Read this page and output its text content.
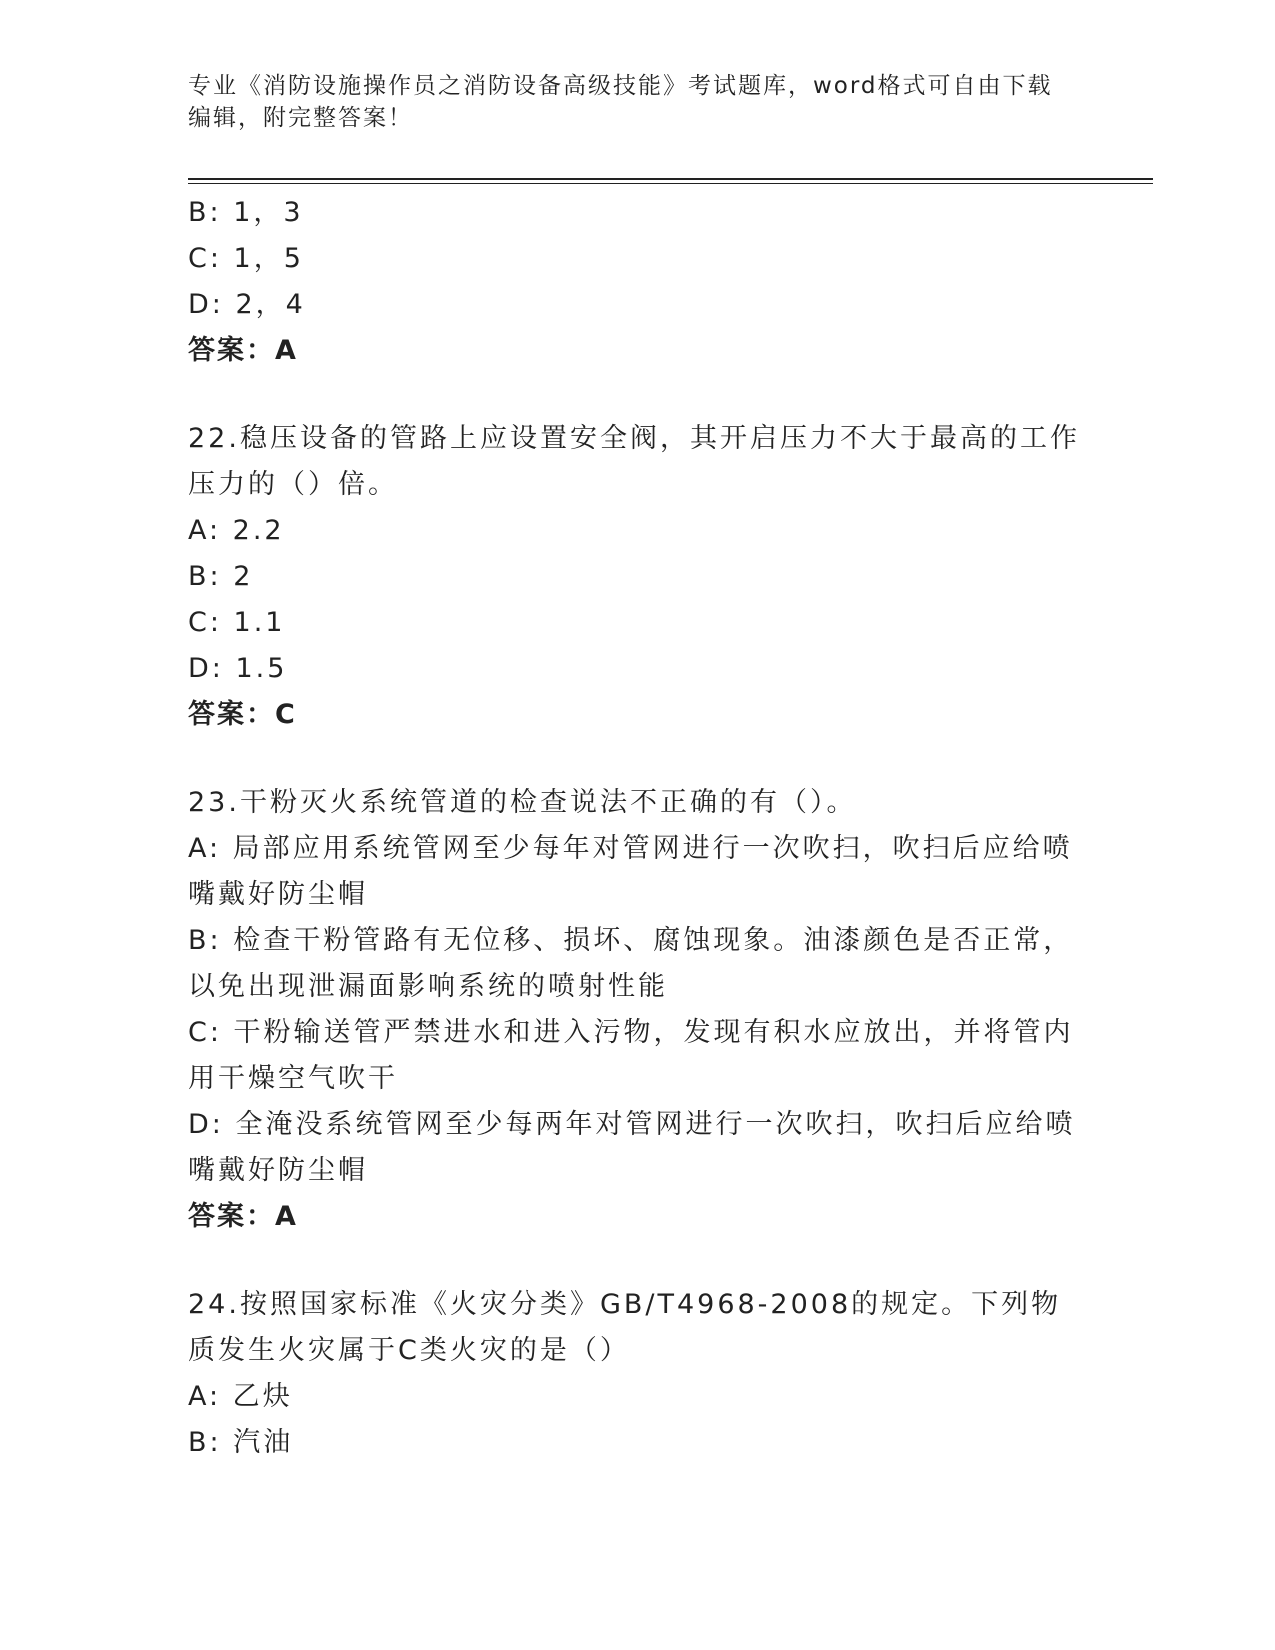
专业《消防设施操作员之消防设备高级技能》考试题库，word格式可自由下载编辑，附完整答案！

B: 1，3

C: 1，5

D: 2，4

答案：A

22.稳压设备的管路上应设置安全阀，其开启压力不大于最高的工作压力的（）倍。

A: 2.2

B: 2

C: 1.1

D: 1.5

答案：C

23.干粉灭火系统管道的检查说法不正确的有（）。

A: 局部应用系统管网至少每年对管网进行一次吹扫，吹扫后应给喷嘴戴好防尘帽

B: 检查干粉管路有无位移、损坏、腐蚀现象。油漆颜色是否正常，以免出现泄漏面影响系统的喷射性能

C: 干粉输送管严禁进水和进入污物，发现有积水应放出，并将管内用干燥空气吹干

D: 全淹没系统管网至少每两年对管网进行一次吹扫，吹扫后应给喷嘴戴好防尘帽

答案：A

24.按照国家标准《火灾分类》GB/T4968-2008的规定。下列物质发生火灾属于C类火灾的是（）

A: 乙炔

B: 汽油
